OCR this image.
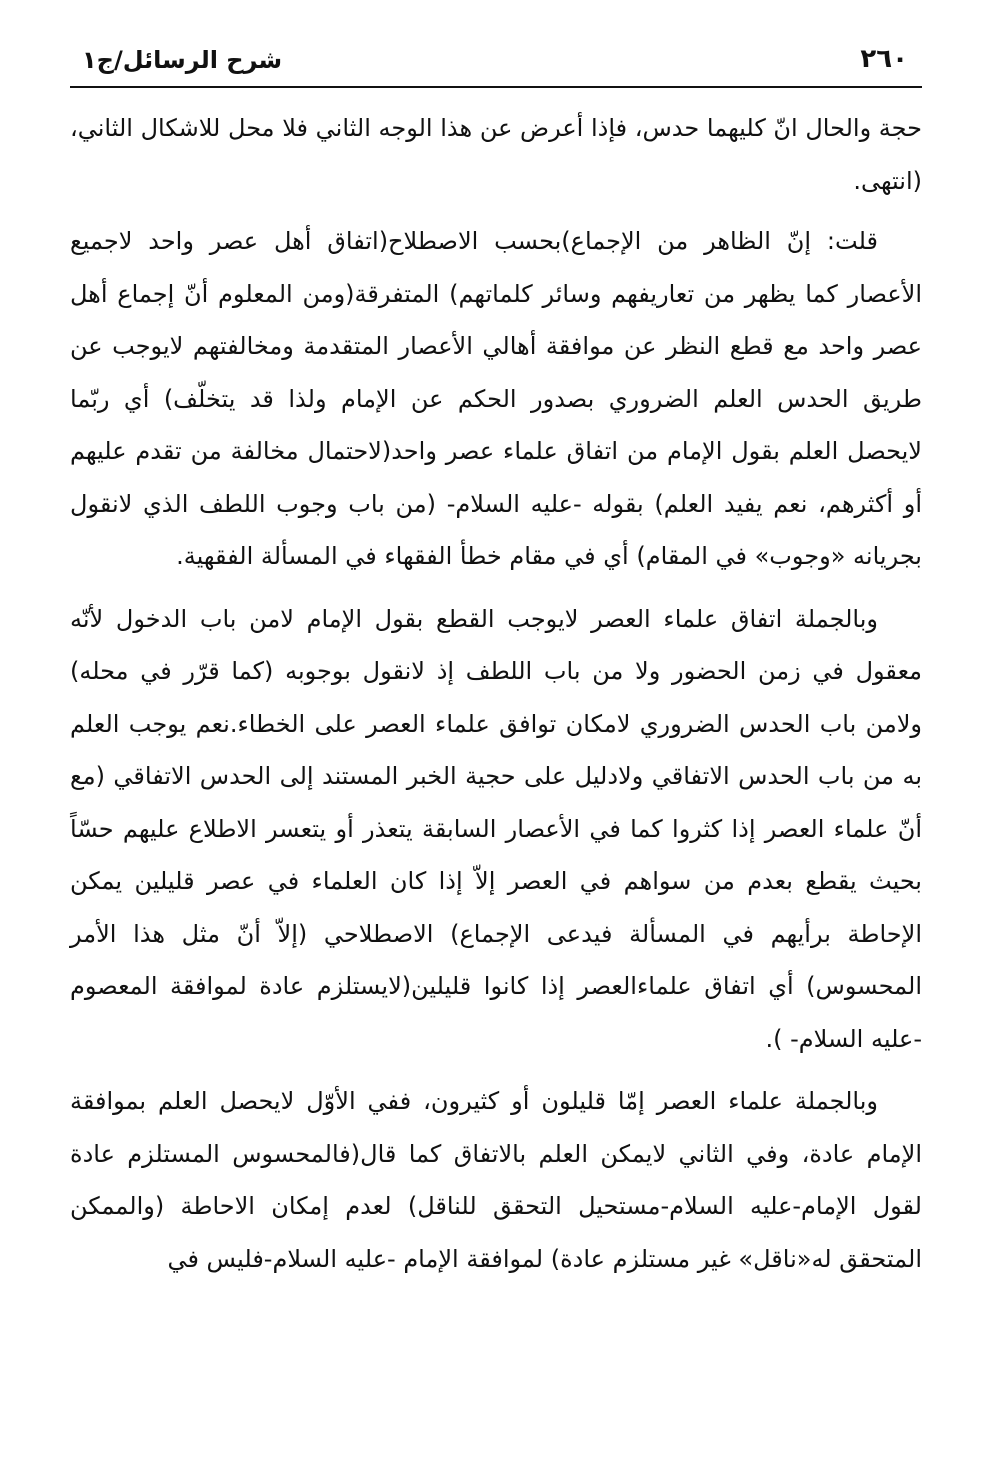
٢٦٠
شرح الرسائل/ج١

حجة والحال انّ كليهما حدس، فإذا أعرض عن هذا الوجه الثاني فلا محل للاشكال الثاني،(انتهى.

قلت: إنّ الظاهر من الإجماع)بحسب الاصطلاح(اتفاق أهل عصر واحد لاجميع الأعصار كما يظهر من تعاريفهم وسائر كلماتهم) المتفرقة(ومن المعلوم أنّ إجماع أهل عصر واحد مع قطع النظر عن موافقة أهالي الأعصار المتقدمة ومخالفتهم لايوجب عن طريق الحدس العلم الضروري بصدور الحكم عن الإمام ولذا قد يتخلّف) أي ربّما لايحصل العلم بقول الإمام من اتفاق علماء عصر واحد(لاحتمال مخالفة من تقدم عليهم أو أكثرهم، نعم يفيد العلم) بقوله -عليه السلام- (من باب وجوب اللطف الذي لانقول بجريانه «وجوب» في المقام) أي في مقام خطأ الفقهاء في المسألة الفقهية.

وبالجملة اتفاق علماء العصر لايوجب القطع بقول الإمام لامن باب الدخول لأنّه معقول في زمن الحضور ولا من باب اللطف إذ لانقول بوجوبه (كما قرّر في محله) ولامن باب الحدس الضروري لامكان توافق علماء العصر على الخطاء.نعم يوجب العلم به من باب الحدس الاتفاقي ولادليل على حجية الخبر المستند إلى الحدس الاتفاقي (مع أنّ علماء العصر إذا كثروا كما في الأعصار السابقة يتعذر أو يتعسر الاطلاع عليهم حسّاً بحيث يقطع بعدم من سواهم في العصر إلاّ إذا كان العلماء في عصر قليلين يمكن الإحاطة برأيهم في المسألة فيدعى الإجماع) الاصطلاحي (إلاّ أنّ مثل هذا الأمر المحسوس) أي اتفاق علماءالعصر إذا كانوا قليلين(لايستلزم عادة لموافقة المعصوم -عليه السلام- ).

وبالجملة علماء العصر إمّا قليلون أو كثيرون، ففي الأوّل لايحصل العلم بموافقة الإمام عادة، وفي الثاني لايمكن العلم بالاتفاق كما قال(فالمحسوس المستلزم عادة لقول الإمام-عليه السلام-مستحيل التحقق للناقل) لعدم إمكان الاحاطة (والممكن المتحقق له«ناقل» غير مستلزم عادة) لموافقة الإمام -عليه السلام-فليس في
